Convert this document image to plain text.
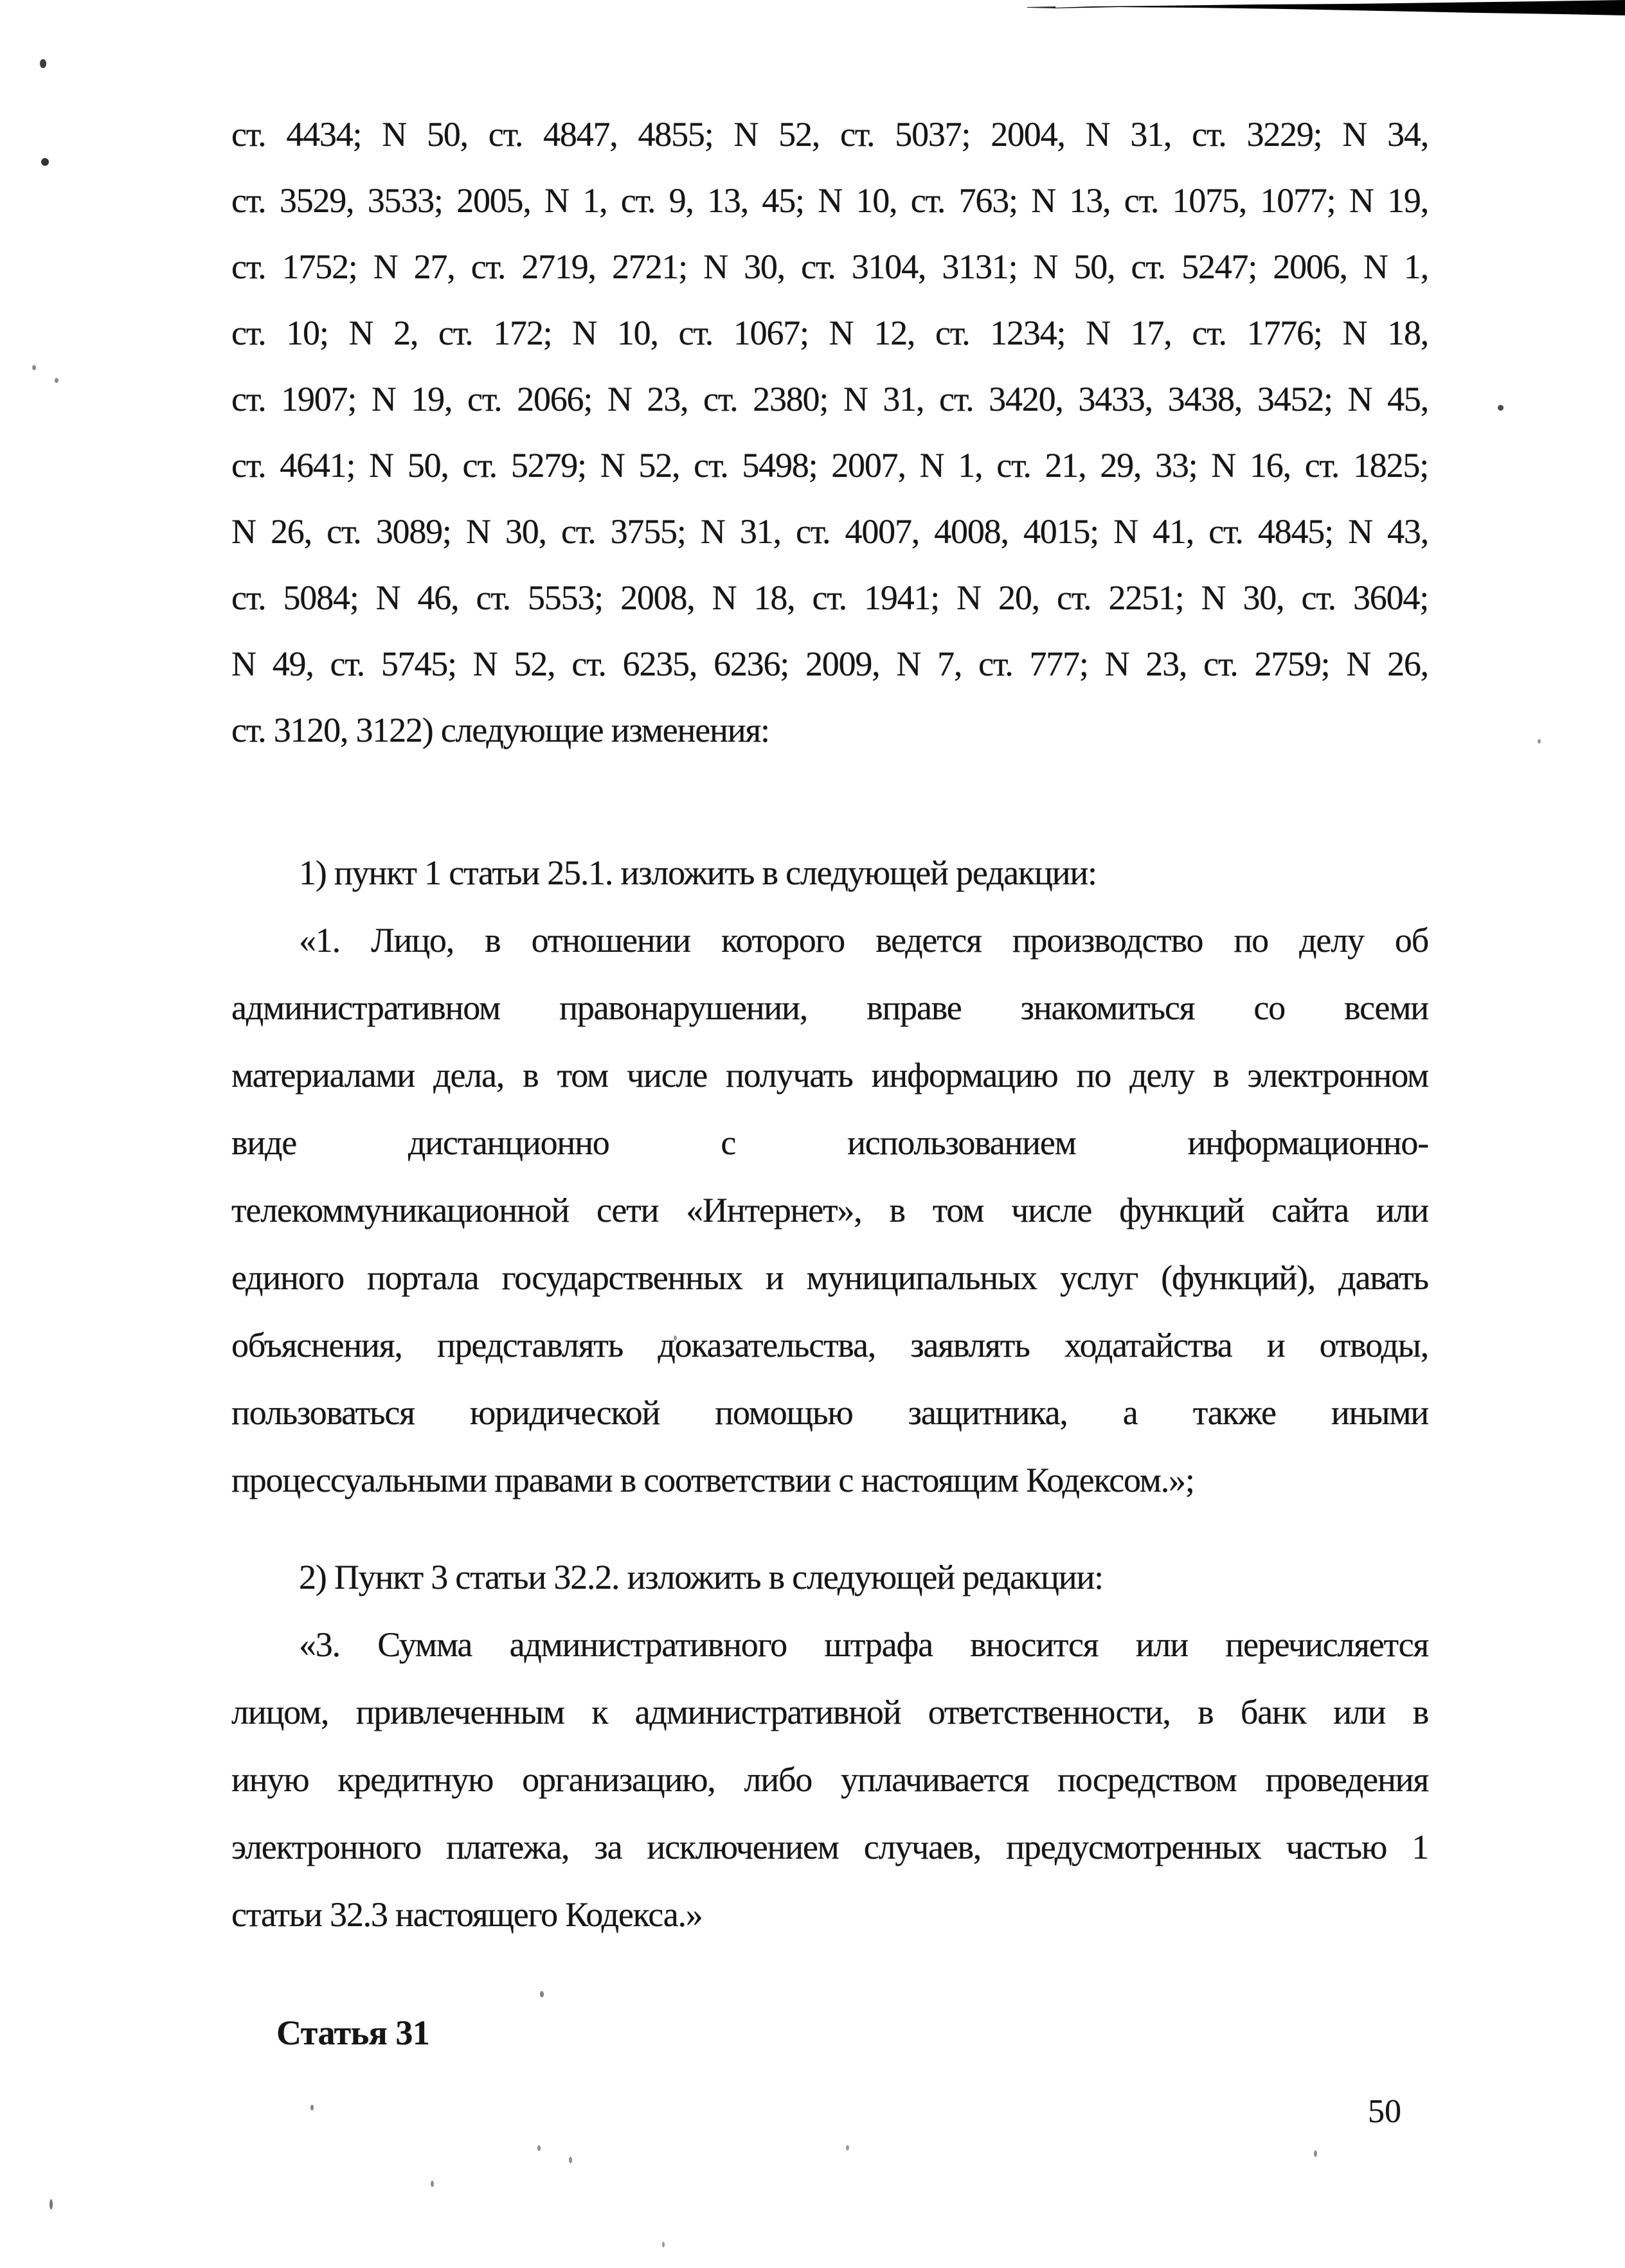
ст. 4434; N 50, ст. 4847, 4855; N 52, ст. 5037; 2004, N 31, ст. 3229; N 34,
ст. 3529, 3533; 2005, N 1, ст. 9, 13, 45; N 10, ст. 763; N 13, ст. 1075, 1077; N 19,
ст. 1752; N 27, ст. 2719, 2721; N 30, ст. 3104, 3131; N 50, ст. 5247; 2006, N 1,
ст. 10; N 2, ст. 172; N 10, ст. 1067; N 12, ст. 1234; N 17, ст. 1776; N 18,
ст. 1907; N 19, ст. 2066; N 23, ст. 2380; N 31, ст. 3420, 3433, 3438, 3452; N 45,
ст. 4641; N 50, ст. 5279; N 52, ст. 5498; 2007, N 1, ст. 21, 29, 33; N 16, ст. 1825;
N 26, ст. 3089; N 30, ст. 3755; N 31, ст. 4007, 4008, 4015; N 41, ст. 4845; N 43,
ст. 5084; N 46, ст. 5553; 2008, N 18, ст. 1941; N 20, ст. 2251; N 30, ст. 3604;
N 49, ст. 5745; N 52, ст. 6235, 6236; 2009, N 7, ст. 777; N 23, ст. 2759; N 26,
ст. 3120, 3122) следующие изменения:
1) пункт 1 статьи 25.1. изложить в следующей редакции:
«1. Лицо, в отношении которого ведется производство по делу об
административном правонарушении, вправе знакомиться со всеми
материалами дела, в том числе получать информацию по делу в электронном
виде дистанционно с использованием информационно-
телекоммуникационной сети «Интернет», в том числе функций сайта или
единого портала государственных и муниципальных услуг (функций), давать
объяснения, представлять доказательства, заявлять ходатайства и отводы,
пользоваться юридической помощью защитника, а также иными
процессуальными правами в соответствии с настоящим Кодексом.»;
2) Пункт 3 статьи 32.2. изложить в следующей редакции:
«3. Сумма административного штрафа вносится или перечисляется
лицом, привлеченным к административной ответственности, в банк или в
иную кредитную организацию, либо уплачивается посредством проведения
электронного платежа, за исключением случаев, предусмотренных частью 1
статьи 32.3 настоящего Кодекса.»
Статья 31
50
